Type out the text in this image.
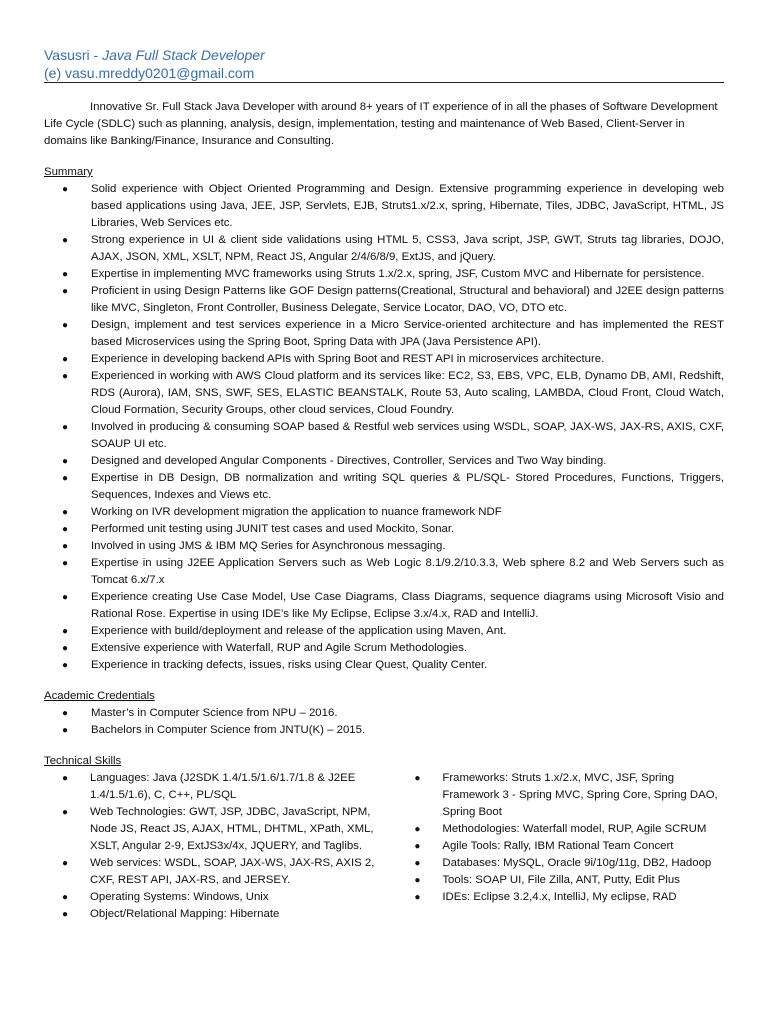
Vasusri - Java Full Stack Developer
(e) vasu.mreddy0201@gmail.com

Innovative Sr. Full Stack Java Developer with around 8+ years of IT experience of in all the phases of Software Development Life Cycle (SDLC) such as planning, analysis, design, implementation, testing and maintenance of Web Based, Client-Server in domains like Banking/Finance, Insurance and Consulting.

Summary
● Solid experience with Object Oriented Programming and Design. Extensive programming experience in developing web based applications using Java, JEE, JSP, Servlets, EJB, Struts1.x/2.x, spring, Hibernate, Tiles, JDBC, JavaScript, HTML, JS Libraries, Web Services etc.
● Strong experience in UI & client side validations using HTML 5, CSS3, Java script, JSP, GWT, Struts tag libraries, DOJO, AJAX, JSON, XML, XSLT, NPM, React JS, Angular 2/4/6/8/9, ExtJS, and jQuery.
● Expertise in implementing MVC frameworks using Struts 1.x/2.x, spring, JSF, Custom MVC and Hibernate for persistence.
● Proficient in using Design Patterns like GOF Design patterns(Creational, Structural and behavioral) and J2EE design patterns like MVC, Singleton, Front Controller, Business Delegate, Service Locator, DAO, VO, DTO etc.
● Design, implement and test services experience in a Micro Service-oriented architecture and has implemented the REST based Microservices using the Spring Boot, Spring Data with JPA (Java Persistence API).
● Experience in developing backend APIs with Spring Boot and REST API in microservices architecture.
● Experienced in working with AWS Cloud platform and its services like: EC2, S3, EBS, VPC, ELB, Dynamo DB, AMI, Redshift, RDS (Aurora), IAM, SNS, SWF, SES, ELASTIC BEANSTALK, Route 53, Auto scaling, LAMBDA, Cloud Front, Cloud Watch, Cloud Formation, Security Groups, other cloud services, Cloud Foundry.
● Involved in producing & consuming SOAP based & Restful web services using WSDL, SOAP, JAX-WS, JAX-RS, AXIS, CXF, SOAUP UI etc.
● Designed and developed Angular Components - Directives, Controller, Services and Two Way binding.
● Expertise in DB Design, DB normalization and writing SQL queries & PL/SQL- Stored Procedures, Functions, Triggers, Sequences, Indexes and Views etc.
● Working on IVR development migration the application to nuance framework NDF
● Performed unit testing using JUNIT test cases and used Mockito, Sonar.
● Involved in using JMS & IBM MQ Series for Asynchronous messaging.
● Expertise in using J2EE Application Servers such as Web Logic 8.1/9.2/10.3.3, Web sphere 8.2 and Web Servers such as Tomcat 6.x/7.x
● Experience creating Use Case Model, Use Case Diagrams, Class Diagrams, sequence diagrams using Microsoft Visio and Rational Rose. Expertise in using IDE’s like My Eclipse, Eclipse 3.x/4.x, RAD and IntelliJ.
● Experience with build/deployment and release of the application using Maven, Ant.
● Extensive experience with Waterfall, RUP and Agile Scrum Methodologies.
● Experience in tracking defects, issues, risks using Clear Quest, Quality Center.
Academic Credentials
● Master’s in Computer Science from NPU – 2016.
● Bachelors in Computer Science from JNTU(K) – 2015.
Technical Skills
● Languages: Java (J2SDK 1.4/1.5/1.6/1.7/1.8 & J2EE 1.4/1.5/1.6), C, C++, PL/SQL
● Web Technologies: GWT, JSP, JDBC, JavaScript, NPM, Node JS, React JS, AJAX, HTML, DHTML, XPath, XML, XSLT, Angular 2-9, ExtJS3x/4x, JQUERY, and Taglibs.
● Web services: WSDL, SOAP, JAX-WS, JAX-RS, AXIS 2, CXF, REST API, JAX-RS, and JERSEY.
● Operating Systems: Windows, Unix
● Object/Relational Mapping: Hibernate
● Frameworks: Struts 1.x/2.x, MVC, JSF, Spring Framework 3 - Spring MVC, Spring Core, Spring DAO, Spring Boot
● Methodologies: Waterfall model, RUP, Agile SCRUM
● Agile Tools: Rally, IBM Rational Team Concert
● Databases: MySQL, Oracle 9i/10g/11g, DB2, Hadoop
● Tools: SOAP UI, File Zilla, ANT, Putty, Edit Plus
● IDEs: Eclipse 3.2,4.x, IntelliJ, My eclipse, RAD
